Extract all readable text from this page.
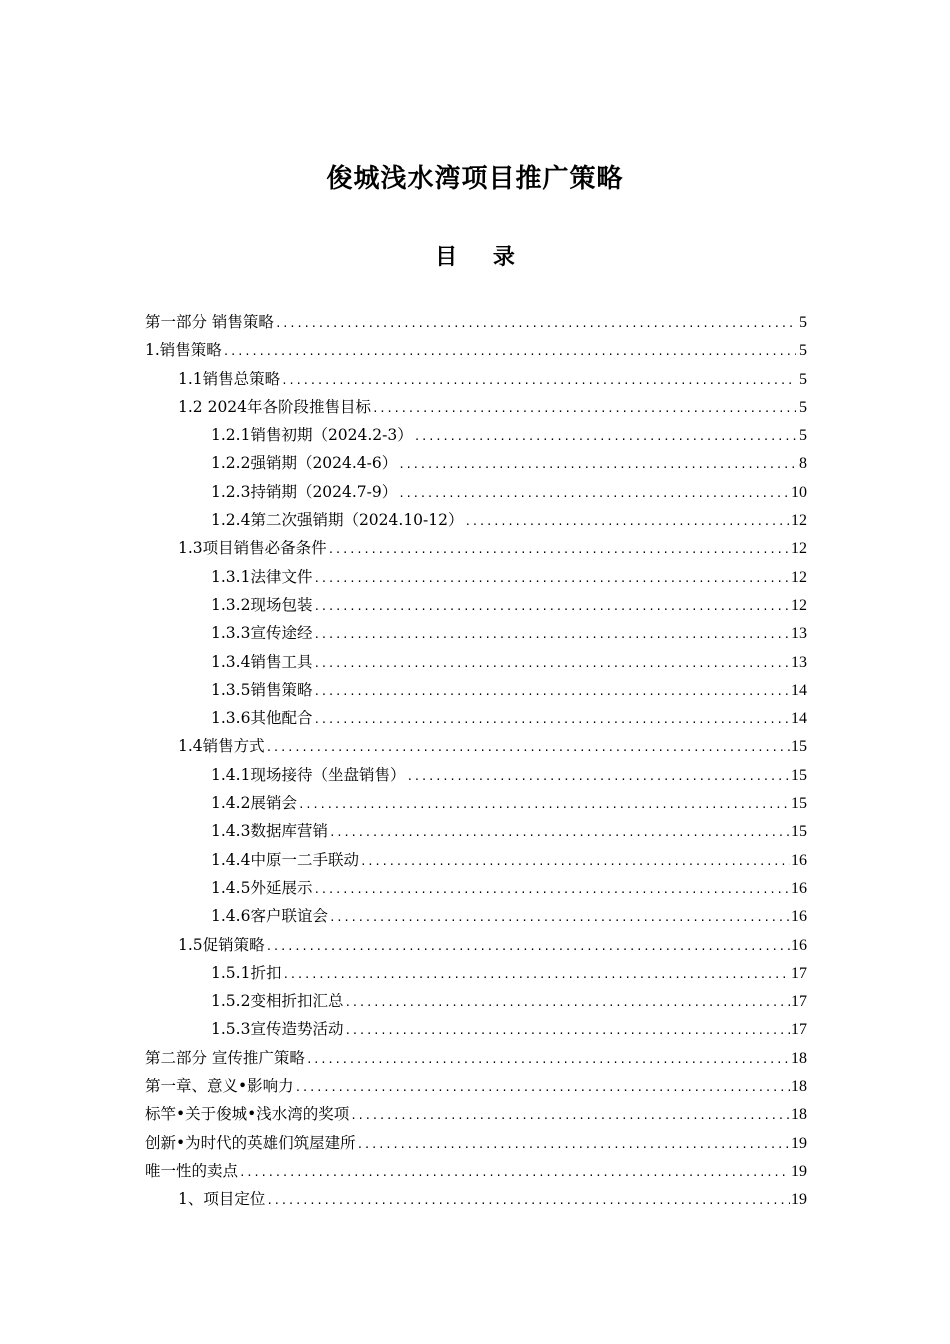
俊城浅水湾项目推广策略
目 录
第一部分 销售策略 .....	5
1.销售策略 .....	5
1.1销售总策略 .....	5
1.2 2024年各阶段推售目标 .....	5
1.2.1销售初期（2024.2-3） .....	5
1.2.2强销期（2024.4-6） .....	8
1.2.3持销期（2024.7-9） .....	10
1.2.4第二次强销期（2024.10-12） .....	12
1.3项目销售必备条件 .....	12
1.3.1法律文件 .....	12
1.3.2现场包装 .....	12
1.3.3宣传途经 .....	13
1.3.4销售工具 .....	13
1.3.5销售策略 .....	14
1.3.6其他配合 .....	14
1.4销售方式 .....	15
1.4.1现场接待（坐盘销售） .....	15
1.4.2展销会 .....	15
1.4.3数据库营销 .....	15
1.4.4中原一二手联动 .....	16
1.4.5外延展示 .....	16
1.4.6客户联谊会 .....	16
1.5促销策略 .....	16
1.5.1折扣 .....	17
1.5.2变相折扣汇总 .....	17
1.5.3宣传造势活动 .....	17
第二部分 宣传推广策略 .....	18
第一章、意义•影响力 .....	18
标竿•关于俊城•浅水湾的奖项 .....	18
创新•为时代的英雄们筑屋建所 .....	19
唯一性的卖点 .....	19
1、项目定位 .....	19
